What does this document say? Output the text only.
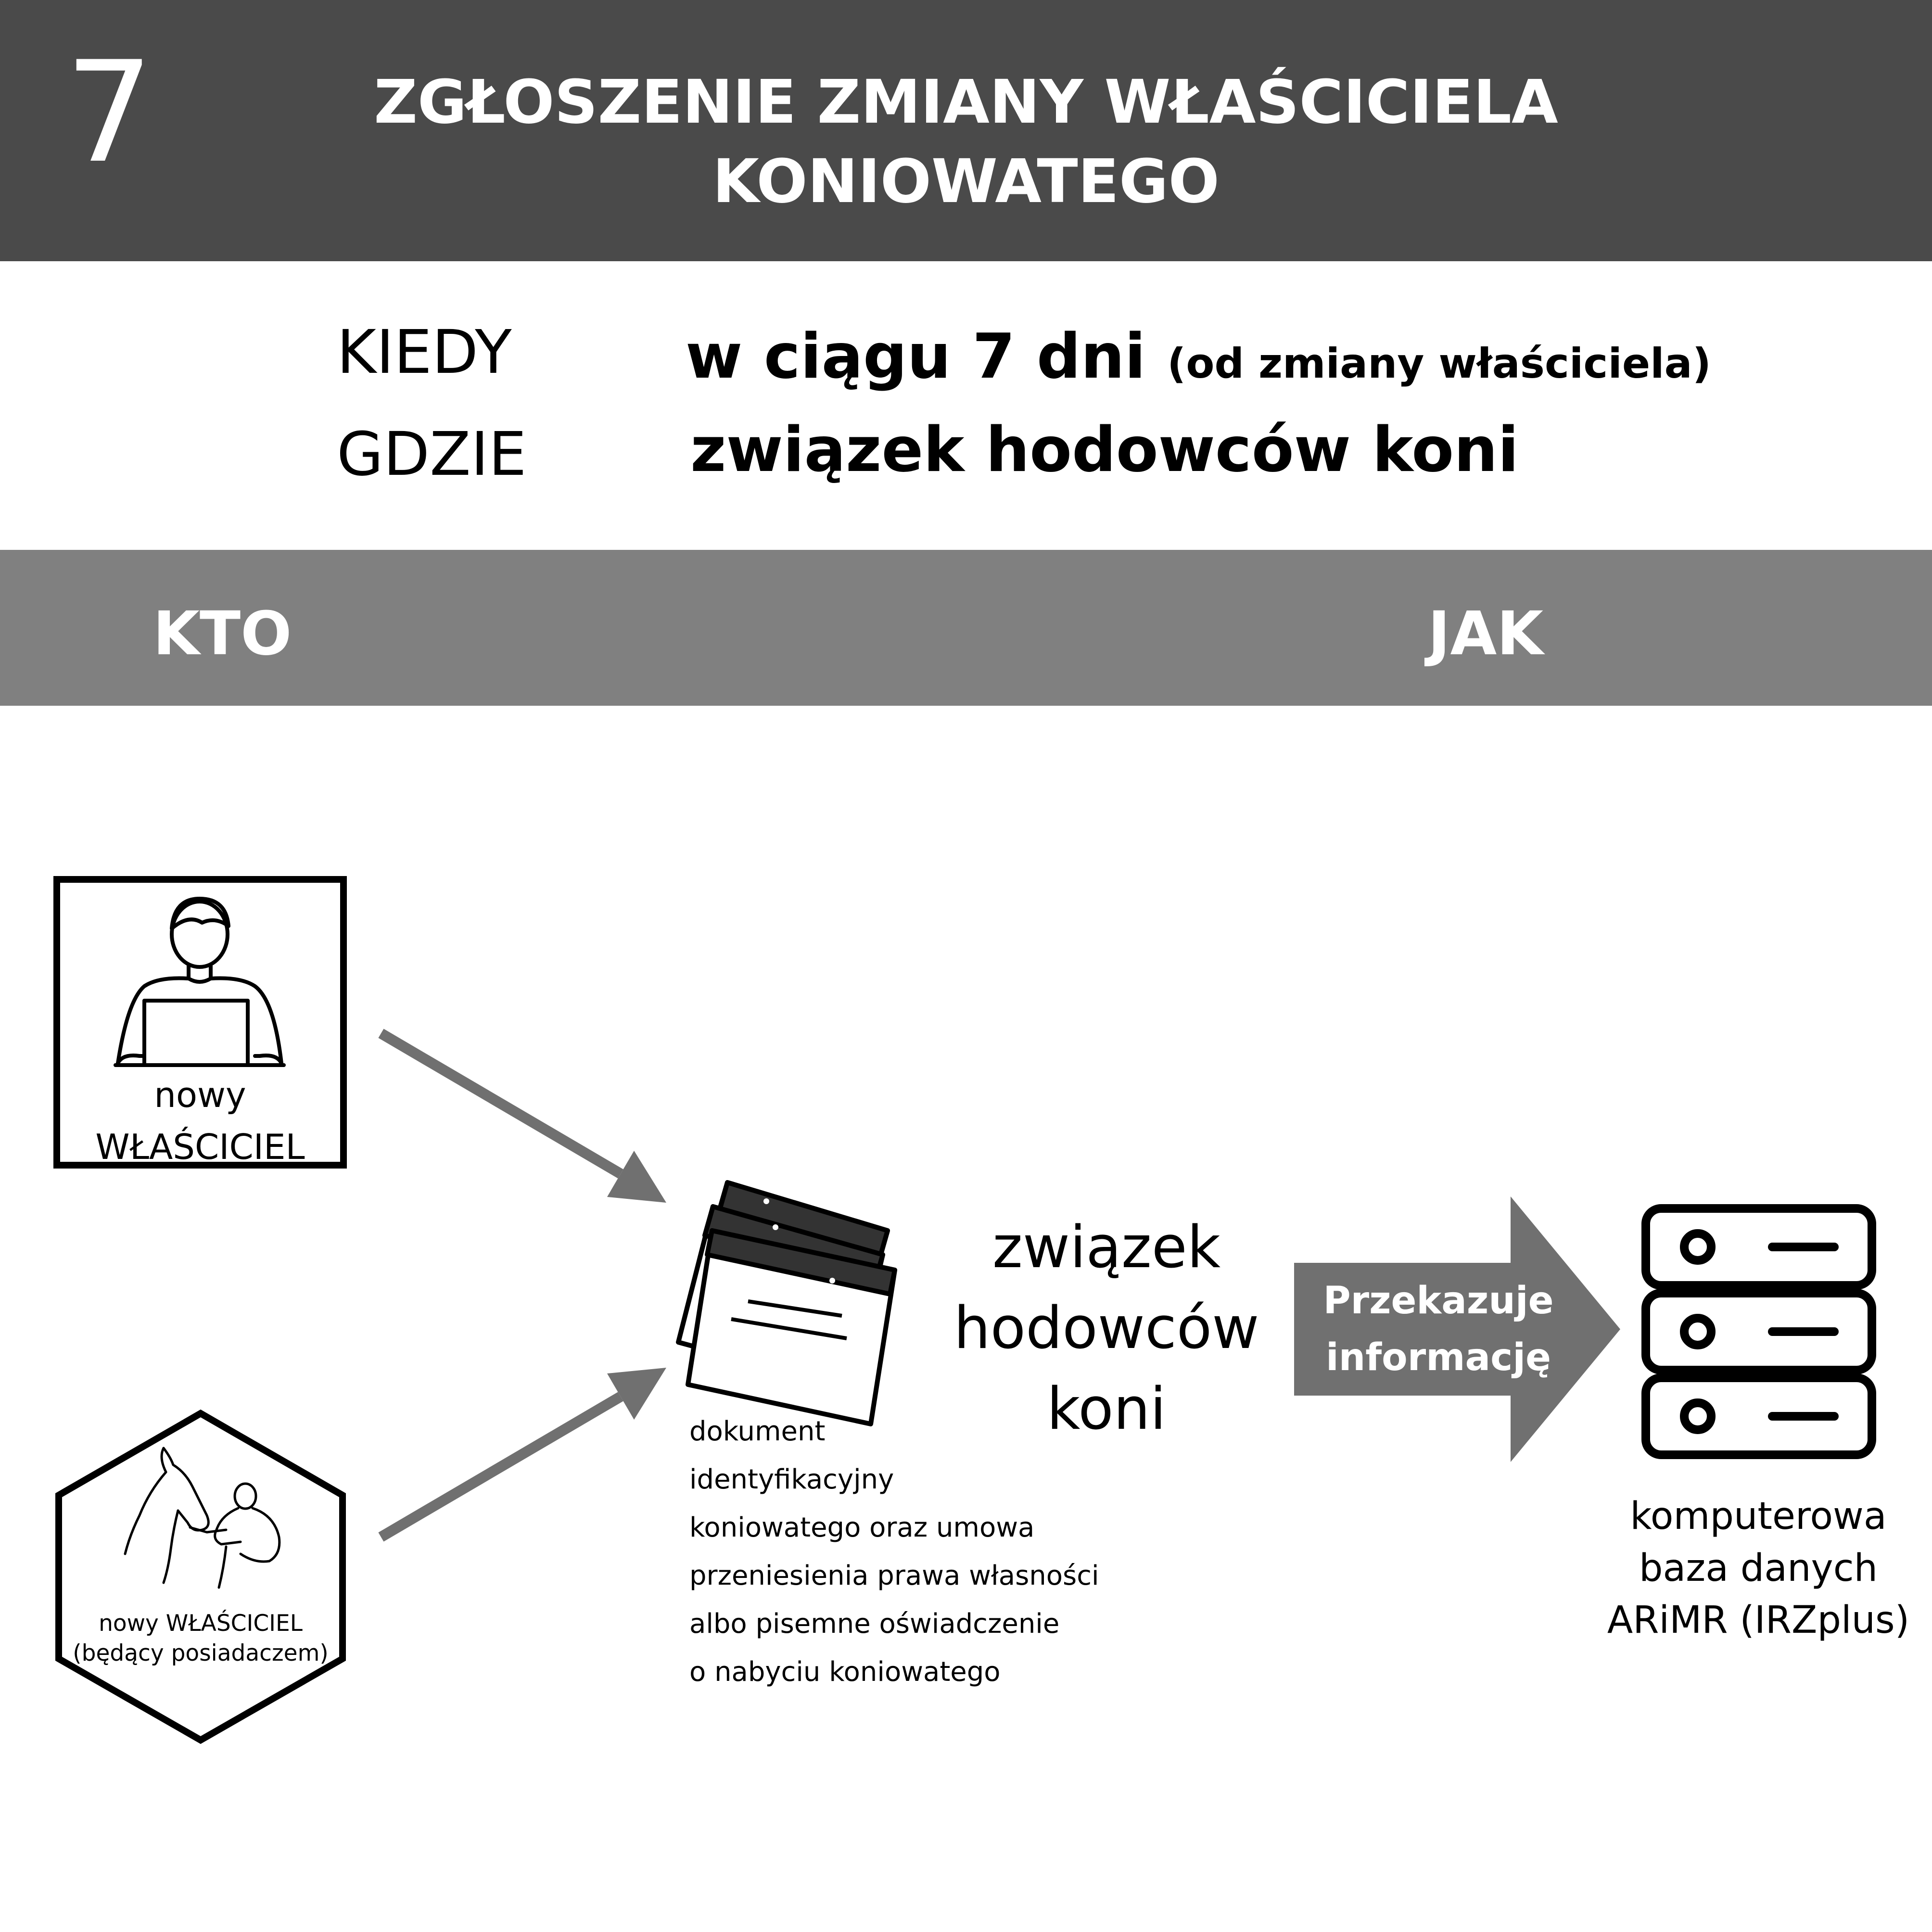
7	ZGŁOSZENIE ZMIANY WŁAŚCICIELA
KONIOWATEGO
KIEDY
GDZIE
w ciągu 7 dni (od zmiany właściciela)
związek hodowców koni
KTO	JAK
nowy
WŁAŚCICIEL
nowy WŁAŚCICIEL
(będący posiadaczem)
dokument
identyfikacyjny
koniowatego oraz umowa
przeniesienia prawa własności
albo pisemne oświadczenie
o nabyciu koniowatego
związek
hodowców
koni
Przekazuje
informację
komputerowa
baza danych
ARiMR (IRZplus)
